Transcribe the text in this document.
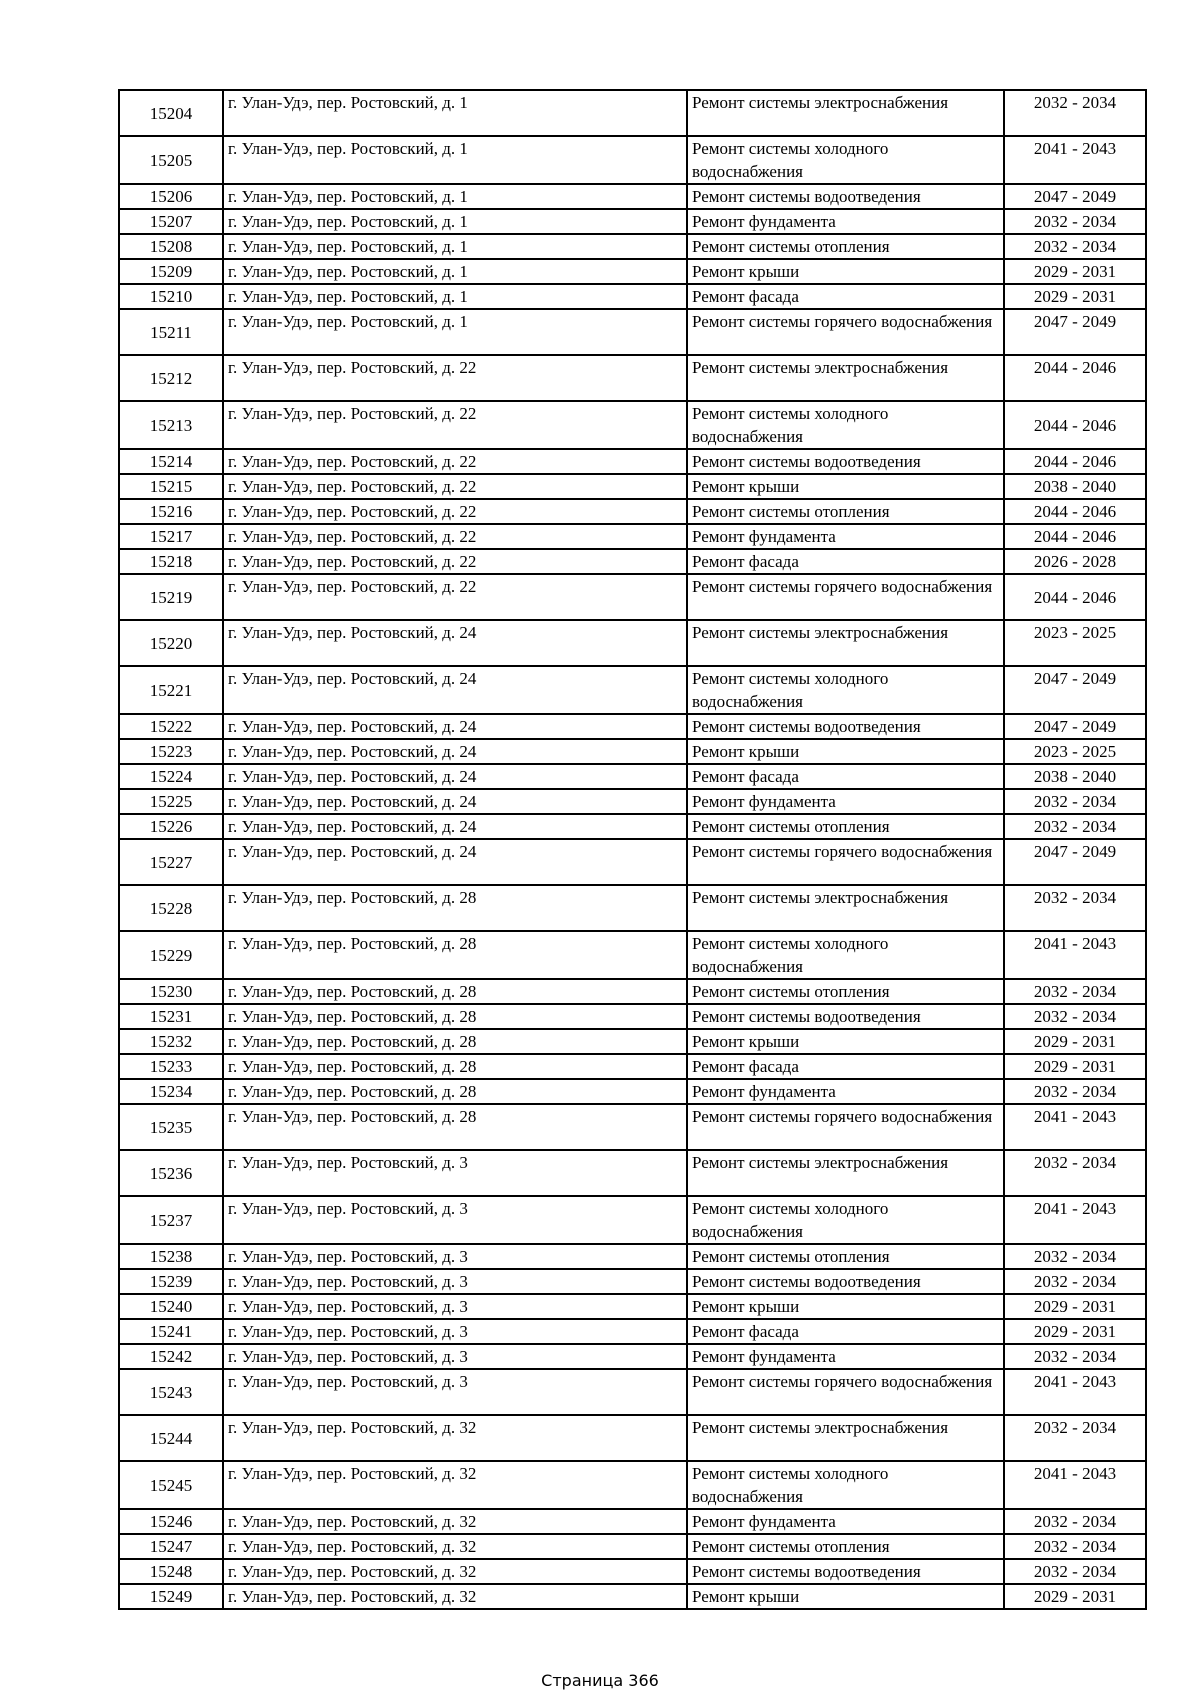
15204	г. Улан-Удэ, пер. Ростовский, д. 1	Ремонт системы электроснабжения	2032 - 2034
15205	г. Улан-Удэ, пер. Ростовский, д. 1	Ремонт системы холодного водоснабжения	2041 - 2043
15206	г. Улан-Удэ, пер. Ростовский, д. 1	Ремонт системы водоотведения	2047 - 2049
15207	г. Улан-Удэ, пер. Ростовский, д. 1	Ремонт фундамента	2032 - 2034
15208	г. Улан-Удэ, пер. Ростовский, д. 1	Ремонт системы отопления	2032 - 2034
15209	г. Улан-Удэ, пер. Ростовский, д. 1	Ремонт крыши	2029 - 2031
15210	г. Улан-Удэ, пер. Ростовский, д. 1	Ремонт фасада	2029 - 2031
15211	г. Улан-Удэ, пер. Ростовский, д. 1	Ремонт системы горячего водоснабжения	2047 - 2049
15212	г. Улан-Удэ, пер. Ростовский, д. 22	Ремонт системы электроснабжения	2044 - 2046
15213	г. Улан-Удэ, пер. Ростовский, д. 22	Ремонт системы холодного водоснабжения	2044 - 2046
15214	г. Улан-Удэ, пер. Ростовский, д. 22	Ремонт системы водоотведения	2044 - 2046
15215	г. Улан-Удэ, пер. Ростовский, д. 22	Ремонт крыши	2038 - 2040
15216	г. Улан-Удэ, пер. Ростовский, д. 22	Ремонт системы отопления	2044 - 2046
15217	г. Улан-Удэ, пер. Ростовский, д. 22	Ремонт фундамента	2044 - 2046
15218	г. Улан-Удэ, пер. Ростовский, д. 22	Ремонт фасада	2026 - 2028
15219	г. Улан-Удэ, пер. Ростовский, д. 22	Ремонт системы горячего водоснабжения	2044 - 2046
15220	г. Улан-Удэ, пер. Ростовский, д. 24	Ремонт системы электроснабжения	2023 - 2025
15221	г. Улан-Удэ, пер. Ростовский, д. 24	Ремонт системы холодного водоснабжения	2047 - 2049
15222	г. Улан-Удэ, пер. Ростовский, д. 24	Ремонт системы водоотведения	2047 - 2049
15223	г. Улан-Удэ, пер. Ростовский, д. 24	Ремонт крыши	2023 - 2025
15224	г. Улан-Удэ, пер. Ростовский, д. 24	Ремонт фасада	2038 - 2040
15225	г. Улан-Удэ, пер. Ростовский, д. 24	Ремонт фундамента	2032 - 2034
15226	г. Улан-Удэ, пер. Ростовский, д. 24	Ремонт системы отопления	2032 - 2034
15227	г. Улан-Удэ, пер. Ростовский, д. 24	Ремонт системы горячего водоснабжения	2047 - 2049
15228	г. Улан-Удэ, пер. Ростовский, д. 28	Ремонт системы электроснабжения	2032 - 2034
15229	г. Улан-Удэ, пер. Ростовский, д. 28	Ремонт системы холодного водоснабжения	2041 - 2043
15230	г. Улан-Удэ, пер. Ростовский, д. 28	Ремонт системы отопления	2032 - 2034
15231	г. Улан-Удэ, пер. Ростовский, д. 28	Ремонт системы водоотведения	2032 - 2034
15232	г. Улан-Удэ, пер. Ростовский, д. 28	Ремонт крыши	2029 - 2031
15233	г. Улан-Удэ, пер. Ростовский, д. 28	Ремонт фасада	2029 - 2031
15234	г. Улан-Удэ, пер. Ростовский, д. 28	Ремонт фундамента	2032 - 2034
15235	г. Улан-Удэ, пер. Ростовский, д. 28	Ремонт системы горячего водоснабжения	2041 - 2043
15236	г. Улан-Удэ, пер. Ростовский, д. 3	Ремонт системы электроснабжения	2032 - 2034
15237	г. Улан-Удэ, пер. Ростовский, д. 3	Ремонт системы холодного водоснабжения	2041 - 2043
15238	г. Улан-Удэ, пер. Ростовский, д. 3	Ремонт системы отопления	2032 - 2034
15239	г. Улан-Удэ, пер. Ростовский, д. 3	Ремонт системы водоотведения	2032 - 2034
15240	г. Улан-Удэ, пер. Ростовский, д. 3	Ремонт крыши	2029 - 2031
15241	г. Улан-Удэ, пер. Ростовский, д. 3	Ремонт фасада	2029 - 2031
15242	г. Улан-Удэ, пер. Ростовский, д. 3	Ремонт фундамента	2032 - 2034
15243	г. Улан-Удэ, пер. Ростовский, д. 3	Ремонт системы горячего водоснабжения	2041 - 2043
15244	г. Улан-Удэ, пер. Ростовский, д. 32	Ремонт системы электроснабжения	2032 - 2034
15245	г. Улан-Удэ, пер. Ростовский, д. 32	Ремонт системы холодного водоснабжения	2041 - 2043
15246	г. Улан-Удэ, пер. Ростовский, д. 32	Ремонт фундамента	2032 - 2034
15247	г. Улан-Удэ, пер. Ростовский, д. 32	Ремонт системы отопления	2032 - 2034
15248	г. Улан-Удэ, пер. Ростовский, д. 32	Ремонт системы водоотведения	2032 - 2034
15249	г. Улан-Удэ, пер. Ростовский, д. 32	Ремонт крыши	2029 - 2031
Страница 366
